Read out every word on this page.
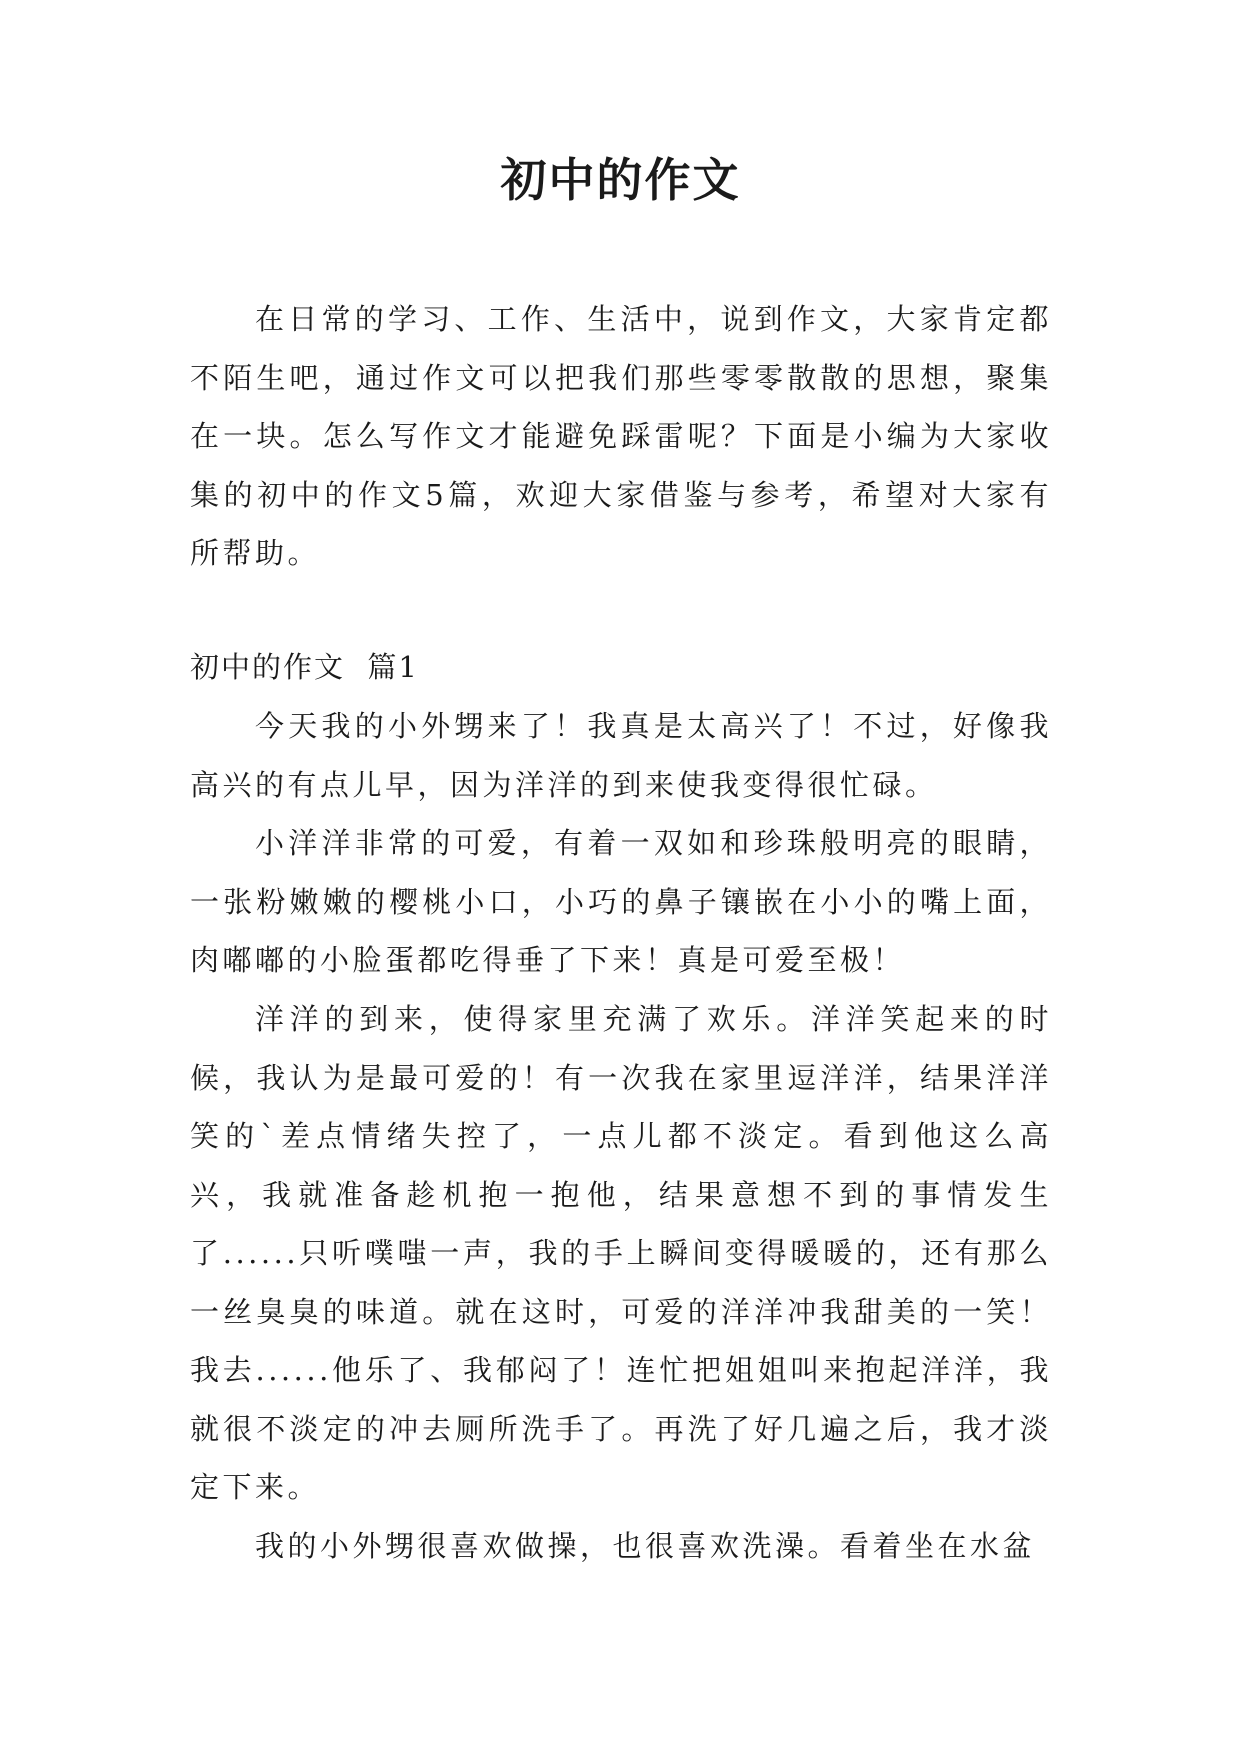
初中的作文

在日常的学习、工作、生活中，说到作文，大家肯定都不陌生吧，通过作文可以把我们那些零零散散的思想，聚集在一块。怎么写作文才能避免踩雷呢？下面是小编为大家收集的初中的作文5篇，欢迎大家借鉴与参考，希望对大家有所帮助。

初中的作文  篇1

今天我的小外甥来了！我真是太高兴了！不过，好像我高兴的有点儿早，因为洋洋的到来使我变得很忙碌。

小洋洋非常的可爱，有着一双如和珍珠般明亮的眼睛，一张粉嫩嫩的樱桃小口，小巧的鼻子镶嵌在小小的嘴上面，肉嘟嘟的小脸蛋都吃得垂了下来！真是可爱至极！

洋洋的到来，使得家里充满了欢乐。洋洋笑起来的时候，我认为是最可爱的！有一次我在家里逗洋洋，结果洋洋笑的`差点情绪失控了，一点儿都不淡定。看到他这么高兴，我就准备趁机抱一抱他，结果意想不到的事情发生了......只听噗嗤一声，我的手上瞬间变得暖暖的，还有那么一丝臭臭的味道。就在这时，可爱的洋洋冲我甜美的一笑！我去......他乐了、我郁闷了！连忙把姐姐叫来抱起洋洋，我就很不淡定的冲去厕所洗手了。再洗了好几遍之后，我才淡定下来。

我的小外甥很喜欢做操，也很喜欢洗澡。看着坐在水盆
